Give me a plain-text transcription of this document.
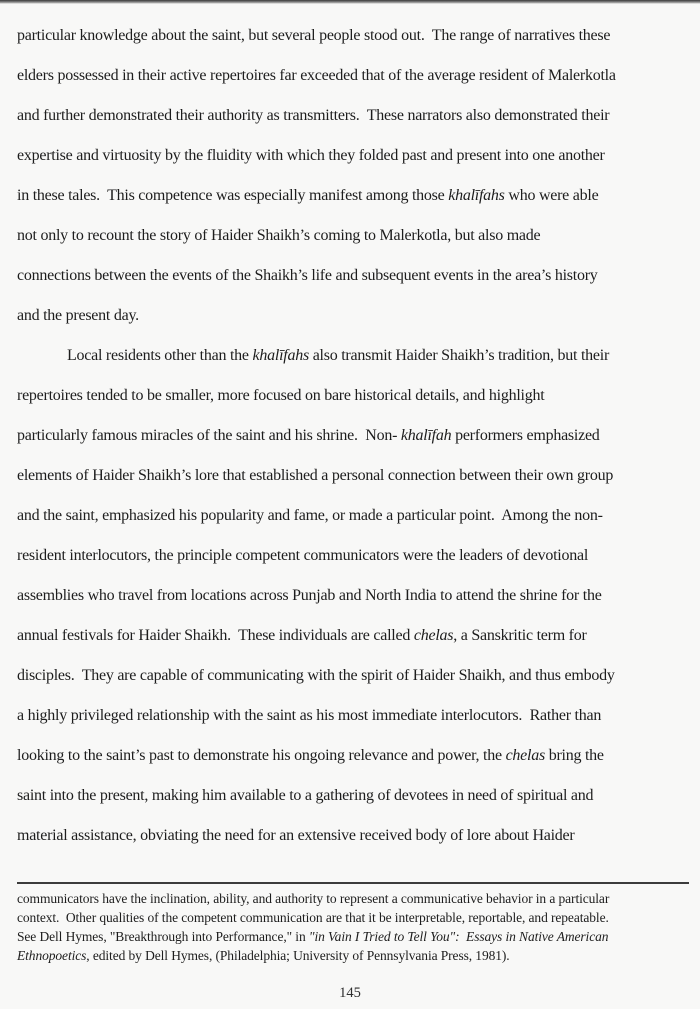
particular knowledge about the saint, but several people stood out.  The range of narratives these
elders possessed in their active repertoires far exceeded that of the average resident of Malerkotla
and further demonstrated their authority as transmitters.  These narrators also demonstrated their
expertise and virtuosity by the fluidity with which they folded past and present into one another
in these tales.  This competence was especially manifest among those khalīfahs who were able
not only to recount the story of Haider Shaikh’s coming to Malerkotla, but also made
connections between the events of the Shaikh’s life and subsequent events in the area’s history
and the present day.
Local residents other than the khalīfahs also transmit Haider Shaikh’s tradition, but their
repertoires tended to be smaller, more focused on bare historical details, and highlight
particularly famous miracles of the saint and his shrine.  Non- khalīfah performers emphasized
elements of Haider Shaikh’s lore that established a personal connection between their own group
and the saint, emphasized his popularity and fame, or made a particular point.  Among the non-
resident interlocutors, the principle competent communicators were the leaders of devotional
assemblies who travel from locations across Punjab and North India to attend the shrine for the
annual festivals for Haider Shaikh.  These individuals are called chelas, a Sanskritic term for
disciples.  They are capable of communicating with the spirit of Haider Shaikh, and thus embody
a highly privileged relationship with the saint as his most immediate interlocutors.  Rather than
looking to the saint’s past to demonstrate his ongoing relevance and power, the chelas bring the
saint into the present, making him available to a gathering of devotees in need of spiritual and
material assistance, obviating the need for an extensive received body of lore about Haider
communicators have the inclination, ability, and authority to represent a communicative behavior in a particular
context.  Other qualities of the competent communication are that it be interpretable, reportable, and repeatable.
See Dell Hymes, "Breakthrough into Performance," in "in Vain I Tried to Tell You":  Essays in Native American
Ethnopoetics, edited by Dell Hymes, (Philadelphia; University of Pennsylvania Press, 1981).
145
